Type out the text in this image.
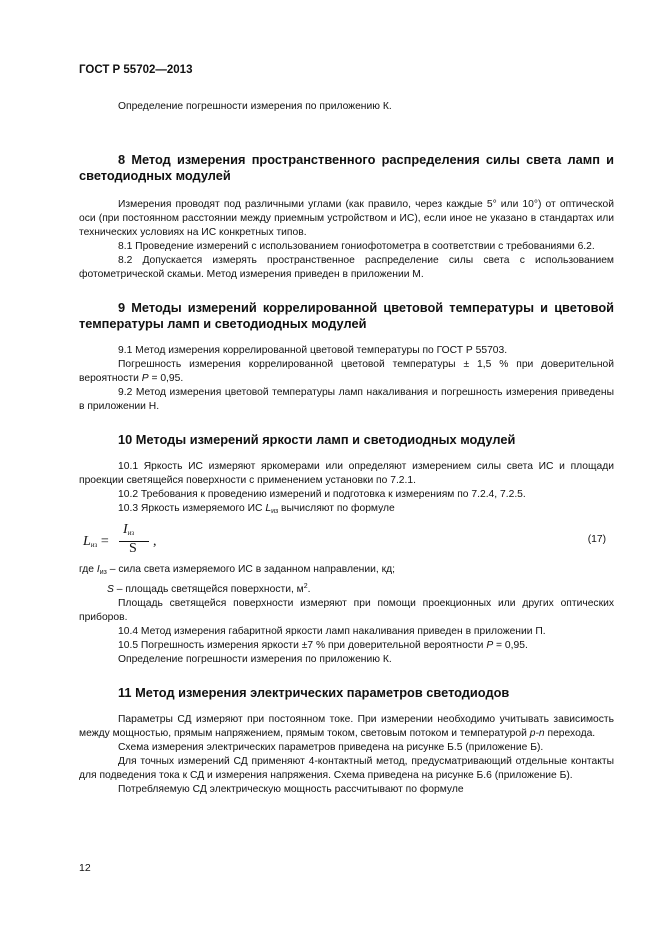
ГОСТ Р 55702—2013

Определение погрешности измерения по приложению К.

8 Метод измерения пространственного распределения силы света ламп и светодиодных модулей

Измерения проводят под различными углами (как правило, через каждые 5° или 10°) от оптической оси (при постоянном расстоянии между приемным устройством и ИС), если иное не указано в стандартах или технических условиях на ИС конкретных типов.

8.1 Проведение измерений с использованием гониофотометра в соответствии с требованиями 6.2.

8.2 Допускается измерять пространственное распределение силы света с использованием фотометрической скамьи. Метод измерения приведен в приложении М.

9 Методы измерений коррелированной цветовой температуры и цветовой температуры ламп и светодиодных модулей

9.1 Метод измерения коррелированной цветовой температуры по ГОСТ Р 55703.

Погрешность измерения коррелированной цветовой температуры ± 1,5 % при доверительной вероятности P = 0,95.

9.2 Метод измерения цветовой температуры ламп накаливания и погрешность измерения приведены в приложении Н.

10 Методы измерений яркости ламп и светодиодных модулей

10.1 Яркость ИС измеряют яркомерами или определяют измерением силы света ИС и площади проекции светящейся поверхности с применением установки по 7.2.1.

10.2 Требования к проведению измерений и подготовка к измерениям по 7.2.4, 7.2.5.

10.3 Яркость измеряемого ИС $L_{из}$ вычисляют по формуле

$L_{из}$ =
$I_{из}$
S ,	(17)

где $I_{из}$ – сила света измеряемого ИС в заданном направлении, кд;

S – площадь светящейся поверхности, $м^2$.

Площадь светящейся поверхности измеряют при помощи проекционных или других оптических приборов.

10.4 Метод измерения габаритной яркости ламп накаливания приведен в приложении П.

10.5 Погрешность измерения яркости ±7 % при доверительной вероятности P = 0,95.

Определение погрешности измерения по приложению К.

11 Метод измерения электрических параметров светодиодов

Параметры СД измеряют при постоянном токе. При измерении необходимо учитывать зависимость между мощностью, прямым напряжением, прямым током, световым потоком и температурой p-n перехода.

Схема измерения электрических параметров приведена на рисунке Б.5 (приложение Б).

Для точных измерений СД применяют 4-контактный метод, предусматривающий отдельные контакты для подведения тока к СД и измерения напряжения. Схема приведена на рисунке Б.6 (приложение Б).

Потребляемую СД электрическую мощность рассчитывают по формуле

12
